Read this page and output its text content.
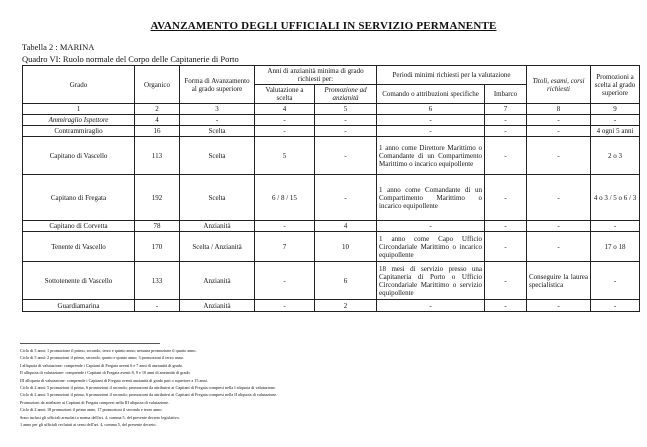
AVANZAMENTO DEGLI UFFICIALI IN SERVIZIO PERMANENTE
Tabella 2 : MARINA
Quadro VI: Ruolo normale del Corpo delle Capitanerie di Porto
Grado	Organico	Forma di Avanzamento al grado superiore	Anni di anzianità minima di grado richiesti per:		Periodi minimi richiesti per la valutazione		Titoli, esami, corsi richiesti	Promozioni a scelta al grado superiore
			Valutazione a scelta	Promozione ad anzianità	Comando o attribuzioni specifiche	Imbarco		
1	2	3	4	5	6	7	8	9
Ammiraglio Ispettore	4	-	-	-	-	-	-	-
Contrammiraglio	16	Scelta	-	-	-	-	-	4 ogni 5 anni
Capitano di Vascello	113	Scelta	5	-	1 anno come Direttore Marittimo o Comandante di un Compartimento Marittimo o incarico equipollente	-	-	2 o 3
Capitano di Fregata	192	Scelta	6 / 8 / 15	-	1 anno come Comandante di un Compartimento Marittimo o incarico equipollente	-	-	4 o 3 / 5 o 6 / 3
Capitano di Corvetta	78	Anzianità	-	4	-	-	-	-
Tenente di Vascello	170	Scelta / Anzianità	7	10	1 anno come Capo Ufficio Circondariale Marittimo o incarico equipollente	-	-	17 o 18
Sottotenente di Vascello	133	Anzianità	-	6	18 mesi di servizio presso una Capitaneria di Porto o Ufficio Circondariale Marittimo o servizio equipollente	-	Conseguire la laurea specialistica	-
Guardiamarina	-	Anzianità	-	2	-	-	-	-
Ciclo di 5 anni: 1 promozione il primo, secondo, terzo e quinto anno; nessuna promozione il quarto anno.
Ciclo di 5 anni: 2 promozioni il primo, secondo, quarto e quinto anno; 3 promozioni il terzo anno.
I alliquota di valutazione: comprende i Capitani di Fregata aventi 6 e 7 anni di anzianità di grado.
II alliquota di valutazione: comprende i Capitani di Fregata aventi 8, 9 e 10 anni di anzianità di grado.
III alliquota di valutazione: comprende i Capitani di Fregata aventi anzianità di grado pari o superiore a 15 anni.
Ciclo di 2 anni: 5 promozioni il primo, 6 promozioni il secondo; promozioni da attribuirsi ai Capitani di Fregata compresi nella I aliquota di valutazione.
Ciclo di 2 anni: 5 promozioni il primo, 6 promozioni il secondo; promozioni da attribuirsi ai Capitani di Fregata compresi nella II aliquota di valutazione.
Promozioni da attribuire ai Capitani di Fregata compresi nella III aliquota di valutazione.
Ciclo di 2 anni: 18 promozioni il primo anno, 17 promozioni il secondo e terzo anno.
Sono inclusi gli ufficiali arruolati a norma dell'art. 4, comma 5, del presente decreto legislativo.
1 anno per gli ufficiali reclutati ai sensi dell'art. 4, comma 5, del presente decreto.
